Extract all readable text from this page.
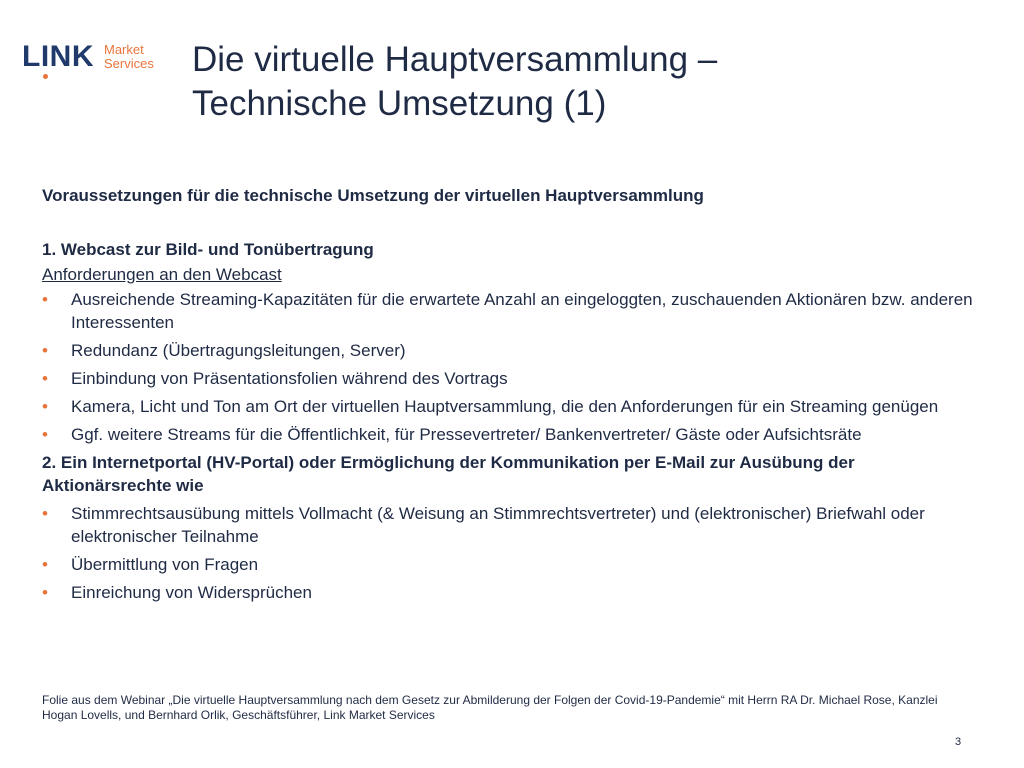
LINK Market
Services Die virtuelle Hauptversammlung –
Technische Umsetzung (1)

Voraussetzungen für die technische Umsetzung der virtuellen Hauptversammlung

1. Webcast zur Bild- und Tonübertragung

Anforderungen an den Webcast

• Ausreichende Streaming-Kapazitäten für die erwartete Anzahl an eingeloggten, zuschauenden Aktionären bzw. anderen Interessenten
• Redundanz (Übertragungsleitungen, Server)
• Einbindung von Präsentationsfolien während des Vortrags
• Kamera, Licht und Ton am Ort der virtuellen Hauptversammlung, die den Anforderungen für ein Streaming genügen
• Ggf. weitere Streams für die Öffentlichkeit, für Pressevertreter/ Bankenvertreter/ Gäste oder Aufsichtsräte

2. Ein Internetportal (HV-Portal) oder Ermöglichung der Kommunikation per E-Mail zur Ausübung der Aktionärsrechte wie

• Stimmrechtsausübung mittels Vollmacht (& Weisung an Stimmrechtsvertreter) und (elektronischer) Briefwahl oder elektronischer Teilnahme
• Übermittlung von Fragen
• Einreichung von Widersprüchen
Folie aus dem Webinar „Die virtuelle Hauptversammlung nach dem Gesetz zur Abmilderung der Folgen der Covid-19-Pandemie“ mit Herrn RA Dr. Michael Rose, Kanzlei Hogan Lovells, und Bernhard Orlik, Geschäftsführer, Link Market Services
3
